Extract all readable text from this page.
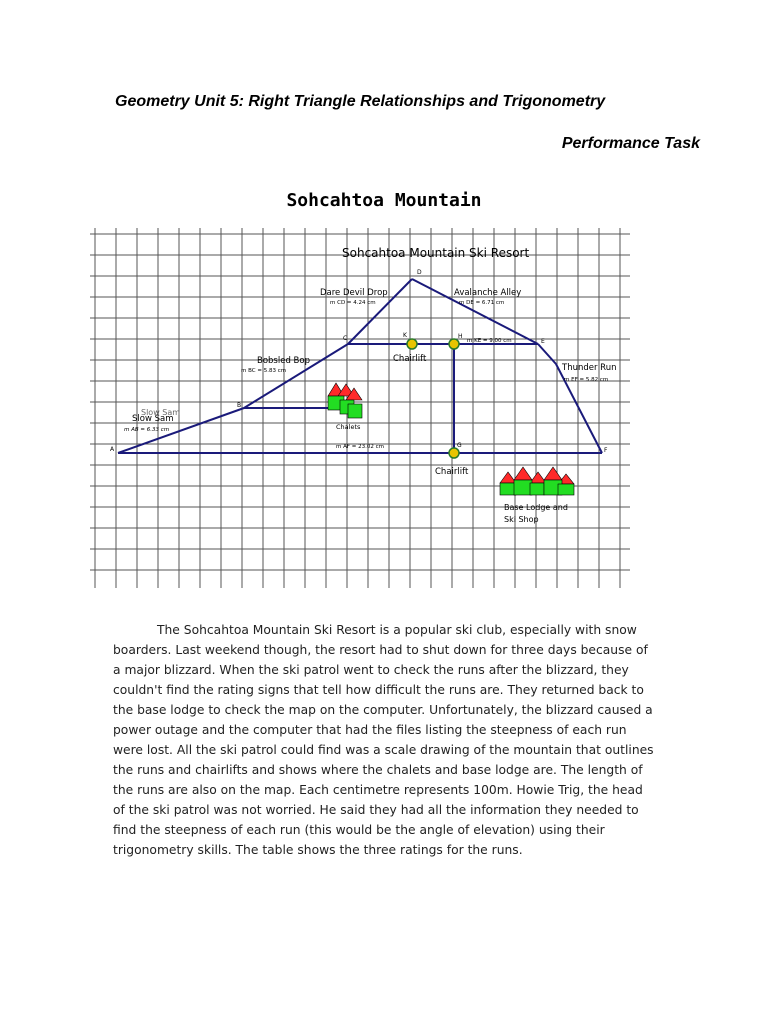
Geometry Unit 5: Right Triangle Relationships and Trigonometry
Performance Task
Sohcahtoa Mountain
Sohcahtoa Mountain Ski Resort
A
B
C
D
E
F
G
H
K
Dare Devil Drop
m CD = 4.24 cm
Avalanche Alley
m DE = 6.71 cm
m KE = 9.00 cm
Chairlift
Bobsled Bop
m BC = 5.83 cm	Thunder Run
m EF = 5.82 cm
Slow Sam
Slow Sam
m AB = 6.33 cm	Chalets
m AF = 23.02 cm
Chairlift
Base Lodge and
Ski Shop

The Sohcahtoa Mountain Ski Resort is a popular ski club, especially with snow boarders. Last weekend though, the resort had to shut down for three days because of a major blizzard. When the ski patrol went to check the runs after the blizzard, they couldn't find the rating signs that tell how difficult the runs are. They returned back to the base lodge to check the map on the computer. Unfortunately, the blizzard caused a power outage and the computer that had the files listing the steepness of each run were lost. All the ski patrol could find was a scale drawing of the mountain that outlines the runs and chairlifts and shows where the chalets and base lodge are. The length of the runs are also on the map. Each centimetre represents 100m. Howie Trig, the head of the ski patrol was not worried. He said they had all the information they needed to find the steepness of each run (this would be the angle of elevation) using their trigonometry skills. The table shows the three ratings for the runs.
